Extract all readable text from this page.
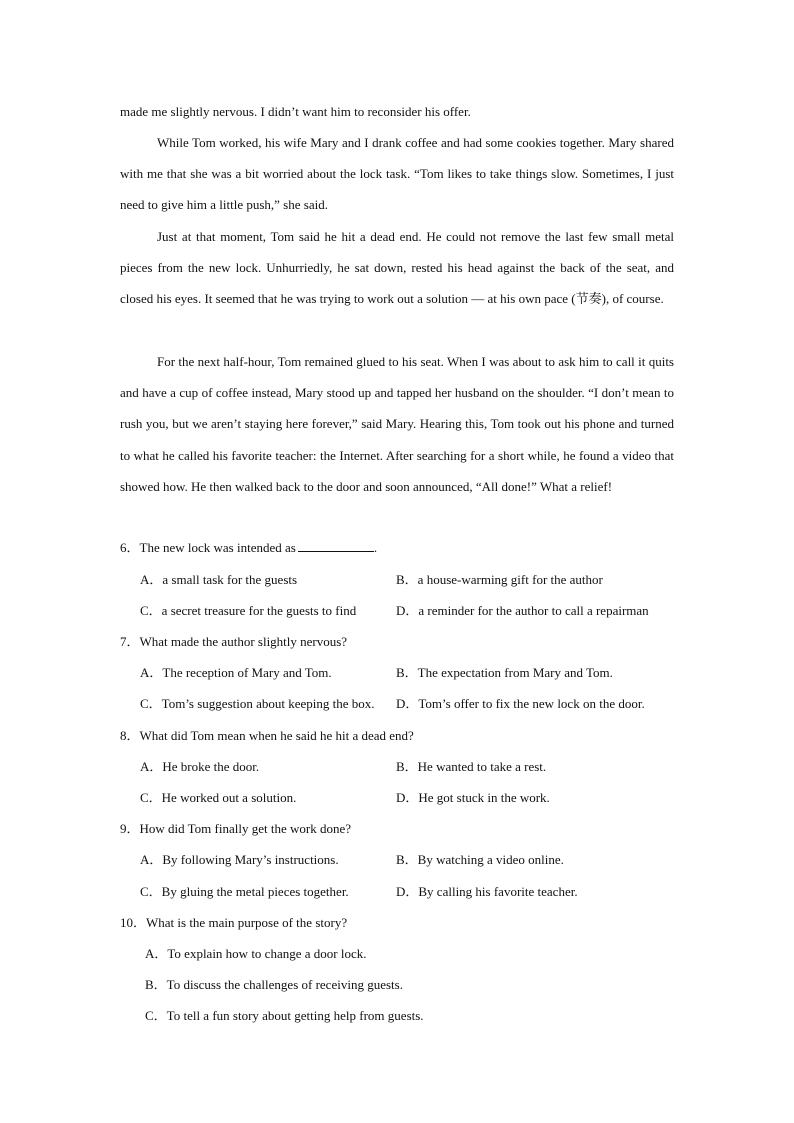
made me slightly nervous. I didn’t want him to reconsider his offer.

While Tom worked, his wife Mary and I drank coffee and had some cookies together. Mary shared with me that she was a bit worried about the lock task. “Tom likes to take things slow. Sometimes, I just need to give him a little push,” she said.

Just at that moment, Tom said he hit a dead end. He could not remove the last few small metal pieces from the new lock. Unhurriedly, he sat down, rested his head against the back of the seat, and closed his eyes. It seemed that he was trying to work out a solution — at his own pace (节奏), of course.

For the next half-hour, Tom remained glued to his seat. When I was about to ask him to call it quits and have a cup of coffee instead, Mary stood up and tapped her husband on the shoulder. “I don’t mean to rush you, but we aren’t staying here forever,” said Mary. Hearing this, Tom took out his phone and turned to what he called his favorite teacher: the Internet. After searching for a short while, he found a video that showed how. He then walked back to the door and soon announced, “All done!” What a relief!

6．The new lock was intended as	.
A．a small task for the guests	B．a house-warming gift for the author
C．a secret treasure for the guests to find	D．a reminder for the author to call a repairman
7．What made the author slightly nervous?
A．The reception of Mary and Tom.	B．The expectation from Mary and Tom.
C．Tom’s suggestion about keeping the box. D．Tom’s offer to fix the new lock on the door.
8．What did Tom mean when he said he hit a dead end?
A．He broke the door.	B．He wanted to take a rest.
C．He worked out a solution.	D．He got stuck in the work.
9．How did Tom finally get the work done?
A．By following Mary’s instructions.	B．By watching a video online.
C．By gluing the metal pieces together.	D．By calling his favorite teacher.
10．What is the main purpose of the story?
A．To explain how to change a door lock.
B．To discuss the challenges of receiving guests.
C．To tell a fun story about getting help from guests.
